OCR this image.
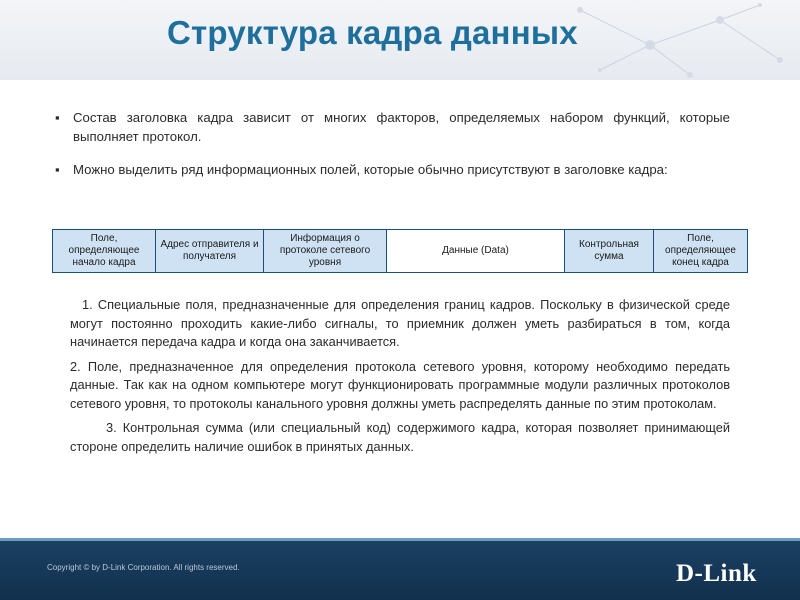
Структура кадра данных
▪ Состав заголовка кадра зависит от многих факторов, определяемых набором функций, которые выполняет протокол.
▪ Можно выделить ряд информационных полей, которые обычно присутствуют в заголовке кадра:
Поле, определяющее начало кадра
Адрес отправителя и получателя
Информация о протоколе сетевого уровня
Данные (Data)
Контрольная сумма
Поле, определяющее конец кадра
1. Специальные поля, предназначенные для определения границ кадров. Поскольку в физической среде могут постоянно проходить какие-либо сигналы, то приемник должен уметь разбираться в том, когда начинается передача кадра и когда она заканчивается.
2. Поле, предназначенное для определения протокола сетевого уровня, которому необходимо передать данные. Так как на одном компьютере могут функционировать программные модули различных протоколов сетевого уровня, то протоколы канального уровня должны уметь распределять данные по этим протоколам.
3. Контрольная сумма (или специальный код) содержимого кадра, которая позволяет принимающей стороне определить наличие ошибок в принятых данных.
Copyright © by D-Link Corporation. All rights reserved.	D-Link
